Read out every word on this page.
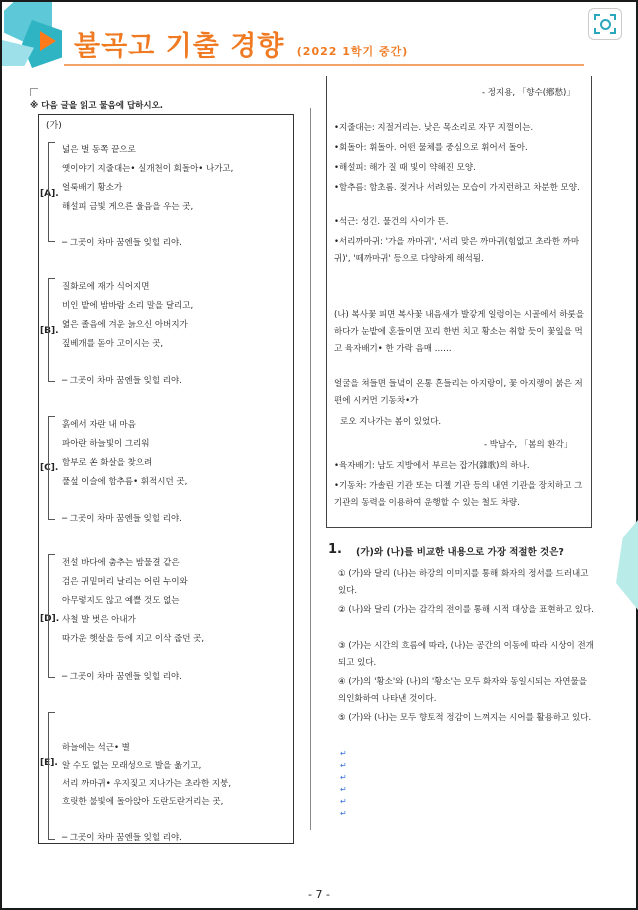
불곡고 기출 경향 (2022 1학기 중간)
※ 다음 글을 읽고 물음에 답하시오.
(가)
[A].
넓은 벌 동쪽 끝으로
옛이야기 지줄대는• 실개천이 회돌아• 나가고,
얼룩배기 황소가
해설피 금빛 게으른 울음을 우는 곳,
─ 그곳이 차마 꿈엔들 잊힐 리야.
[B].
질화로에 재가 식어지면
비인 밭에 밤바람 소리 말을 달리고,
엷은 졸음에 겨운 늙으신 아버지가
짚베개를 돋아 고이시는 곳,
─ 그곳이 차마 꿈엔들 잊힐 리야.
[C].
흙에서 자란 내 마음
파아란 하늘빛이 그리워
함부로 쏜 화살을 찾으려
풀섶 이슬에 함추름• 휘적시던 곳,
─ 그곳이 차마 꿈엔들 잊힐 리야.
[D].
전설 바다에 춤추는 밤물결 같은
검은 귀밑머리 날리는 어린 누이와
아무렇지도 않고 예쁠 것도 없는
사철 발 벗은 아내가
따가운 햇살을 등에 지고 이삭 줍던 곳,
─ 그곳이 차마 꿈엔들 잊힐 리야.
[E].
하늘에는 석근• 별
알 수도 없는 모래성으로 발을 옮기고,
서리 까마귀• 우지짖고 지나가는 초라한 지붕,
흐릿한 불빛에 돌아앉아 도란도란거리는 곳,
─ 그곳이 차마 꿈엔들 잊힐 리야.
- 정지용, 「향수(鄕愁)」
•지줄대는: 지절거리는. 낮은 목소리로 자꾸 지껄이는.
•회돌아: 휘돌아. 어떤 물체를 중심으로 휘어서 돌아.
•해설피: 해가 질 때 빛이 약해진 모양.
•함추름: 함초롬. 젖거나 서려있는 모습이 가지런하고 차분한 모양.
•석근: 성긴. 물건의 사이가 뜬.
•서리까마귀: '가을 까마귀', '서리 맞은 까마귀(힘없고 초라한 까마귀)', '떼까마귀' 등으로 다양하게 해석됨.
(나) 복사꽃 피면 복사꽃 내음새가 발갛게 일렁이는 시골에서 하룻을 하다가 눈밭에 혼들이면 꼬리 한번 치고 황소는 취할 듯이 꽃잎을 먹고 육자배기• 한 가락 음매 ……
얼굴을 쳐들면 들녘이 온통 흔들리는 아지랑이, 꽃 아지랭이 붉은 저편에 시커먼 기동차•가
로오 지나가는 봄이 있었다.
- 박남수, 「봄의 환각」
•육자배기: 남도 지방에서 부르는 잡가(雜歌)의 하나.
•기동차: 가솔린 기관 또는 디젤 기관 등의 내연 기관을 장치하고 그 기관의 동력을 이용하여 운행할 수 있는 철도 차량.
1. (가)와 (나)를 비교한 내용으로 가장 적절한 것은?
① (가)와 달리 (나)는 하강의 이미지를 통해 화자의 정서를 드러내고 있다.
② (나)와 달리 (가)는 감각의 전이를 통해 시적 대상을 표현하고 있다.
③ (가)는 시간의 흐름에 따라, (나)는 공간의 이동에 따라 시상이 전개되고 있다.
④ (가)의 '황소'와 (나)의 '황소'는 모두 화자와 동일시되는 자연물을 의인화하여 나타낸 것이다.
⑤ (가)와 (나)는 모두 향토적 정감이 느껴지는 시어를 활용하고 있다.
↵
↵
↵
↵
↵
↵
- 7 -
